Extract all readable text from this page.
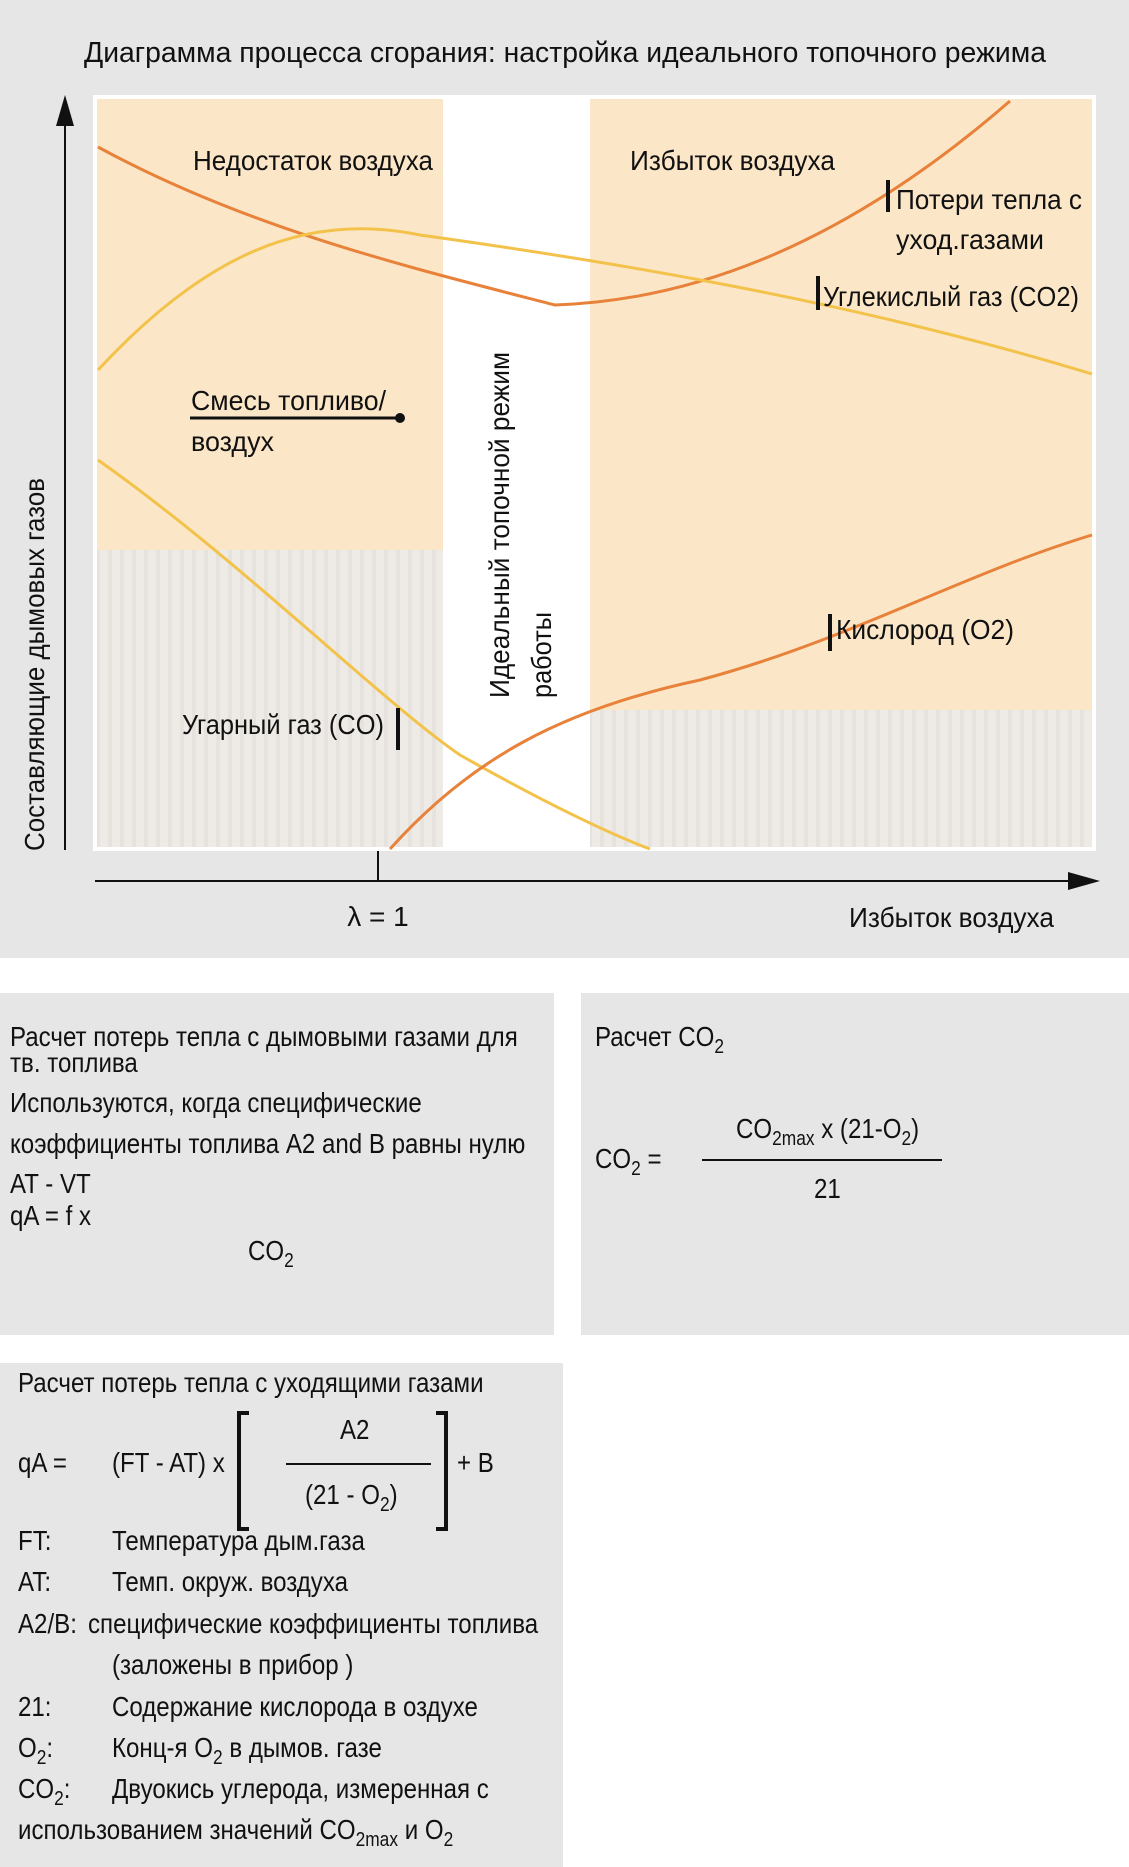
Диаграмма процесса сгорания: настройка идеального топочного режима
Недостаток воздуха	Избыток воздуха
Потери тепла с
уход.газами
Углекислый газ (CO2)
Смесь топливо/
воздух
Кислород (O2)
Угарный газ (CO)
Идеальный топочной режим работы
Составляющие дымовых газов
λ = 1	Избыток воздуха
Расчет потерь тепла с дымовыми газами для
тв. топлива
Используются, когда специфические
коэффициенты топлива A2 and B равны нулю
AT - VT
qA = f x
$CO_2$
Расчет $CO_2$
$CO_2$ =
$CO_{2max}$ x $(21-O_2)$
21
Расчет потерь тепла с уходящими газами
qA = (FT - AT) x
A2
$(21 - O_2)$
+ B
FT: Температура дым.газа
AT: Темп. окруж. воздуха
A2/B: специфические коэффициенты топлива
(заложены в прибор )
21: Содержание кислорода в оздухе
$O_2$: Конц-я $O_2$ в дымов. газе
$CO_2$: Двуокись углерода, измеренная с
использованием значений $CO_{2max}$ и $O_2$
